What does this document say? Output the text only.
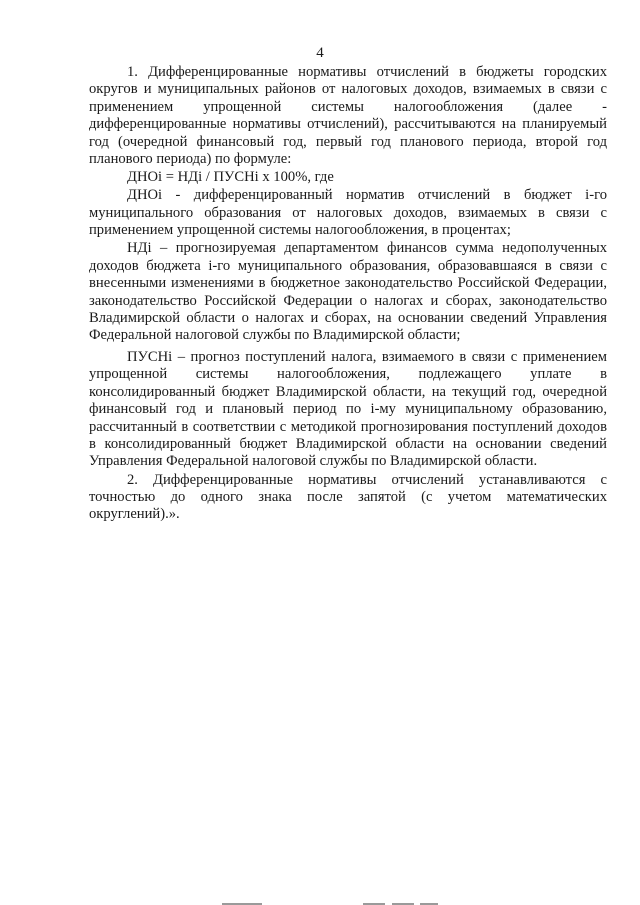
4

1. Дифференцированные нормативы отчислений в бюджеты городских округов и муниципальных районов от налоговых доходов, взимаемых в связи с применением упрощенной системы налогообложения (далее - дифференцированные нормативы отчислений), рассчитываются на планируемый год (очередной финансовый год, первый год планового периода, второй год планового периода) по формуле:

ДНОi = НДi / ПУСНi х 100%, где

ДНОi - дифференцированный норматив отчислений в бюджет i-го муниципального образования от налоговых доходов, взимаемых в связи с применением упрощенной системы налогообложения, в процентах;

НДi – прогнозируемая департаментом финансов сумма недополученных доходов бюджета i-го муниципального образования, образовавшаяся в связи с внесенными изменениями в бюджетное законодательство Российской Федерации, законодательство Российской Федерации о налогах и сборах, законодательство Владимирской области о налогах и сборах, на основании сведений Управления Федеральной налоговой службы по Владимирской области;

ПУСНi – прогноз поступлений налога, взимаемого в связи с применением упрощенной системы налогообложения, подлежащего уплате в консолидированный бюджет Владимирской области, на текущий год, очередной финансовый год и плановый период по i-му муниципальному образованию, рассчитанный в соответствии с методикой прогнозирования поступлений доходов в консолидированный бюджет Владимирской области на основании сведений Управления Федеральной налоговой службы по Владимирской области.

2. Дифференцированные нормативы отчислений устанавливаются с точностью до одного знака после запятой (с учетом математических округлений).».
